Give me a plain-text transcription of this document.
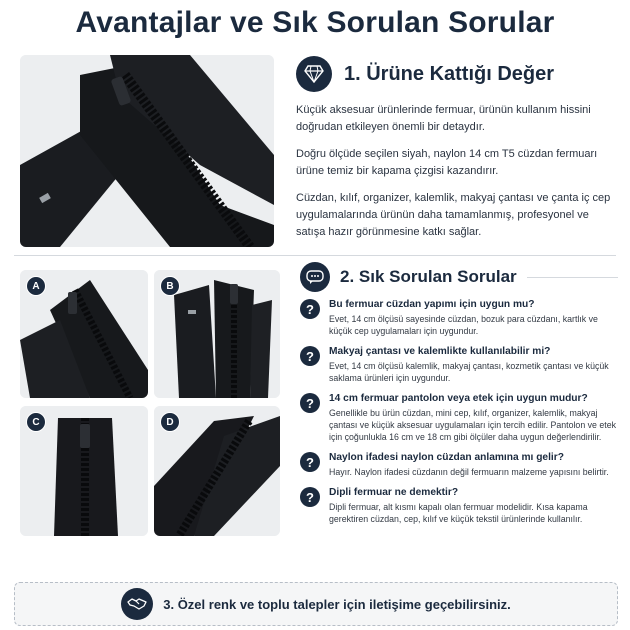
Avantajlar ve Sık Sorulan Sorular
1. Ürüne Kattığı Değer
Küçük aksesuar ürünlerinde fermuar, ürünün kullanım hissini doğrudan etkileyen önemli bir detaydır.
Doğru ölçüde seçilen siyah, naylon 14 cm T5 cüzdan fermuarı ürüne temiz bir kapama çizgisi kazandırır.
Cüzdan, kılıf, organizer, kalemlik, makyaj çantası ve çanta iç cep uygulamalarında ürünün daha tamamlanmış, profesyonel ve satışa hazır görünmesine katkı sağlar.
A	B
C	D
2. Sık Sorulan Sorular
?	Bu fermuar cüzdan yapımı için uygun mu?
Evet, 14 cm ölçüsü sayesinde cüzdan, bozuk para cüzdanı, kartlık ve küçük cep uygulamaları için uygundur.
?	Makyaj çantası ve kalemlikte kullanılabilir mi?
Evet, 14 cm ölçüsü kalemlik, makyaj çantası, kozmetik çantası ve küçük saklama ürünleri için uygundur.
?	14 cm fermuar pantolon veya etek için uygun mudur?
Genellikle bu ürün cüzdan, mini cep, kılıf, organizer, kalemlik, makyaj çantası ve küçük aksesuar uygulamaları için tercih edilir. Pantolon ve etek için çoğunlukla 16 cm ve 18 cm gibi ölçüler daha uygun değerlendirilir.
?	Naylon ifadesi naylon cüzdan anlamına mı gelir?
Hayır. Naylon ifadesi cüzdanın değil fermuarın malzeme yapısını belirtir.
?	Dipli fermuar ne demektir?
Dipli fermuar, alt kısmı kapalı olan fermuar modelidir. Kısa kapama gerektiren cüzdan, cep, kılıf ve küçük tekstil ürünlerinde kullanılır.
3. Özel renk ve toplu talepler için iletişime geçebilirsiniz.
